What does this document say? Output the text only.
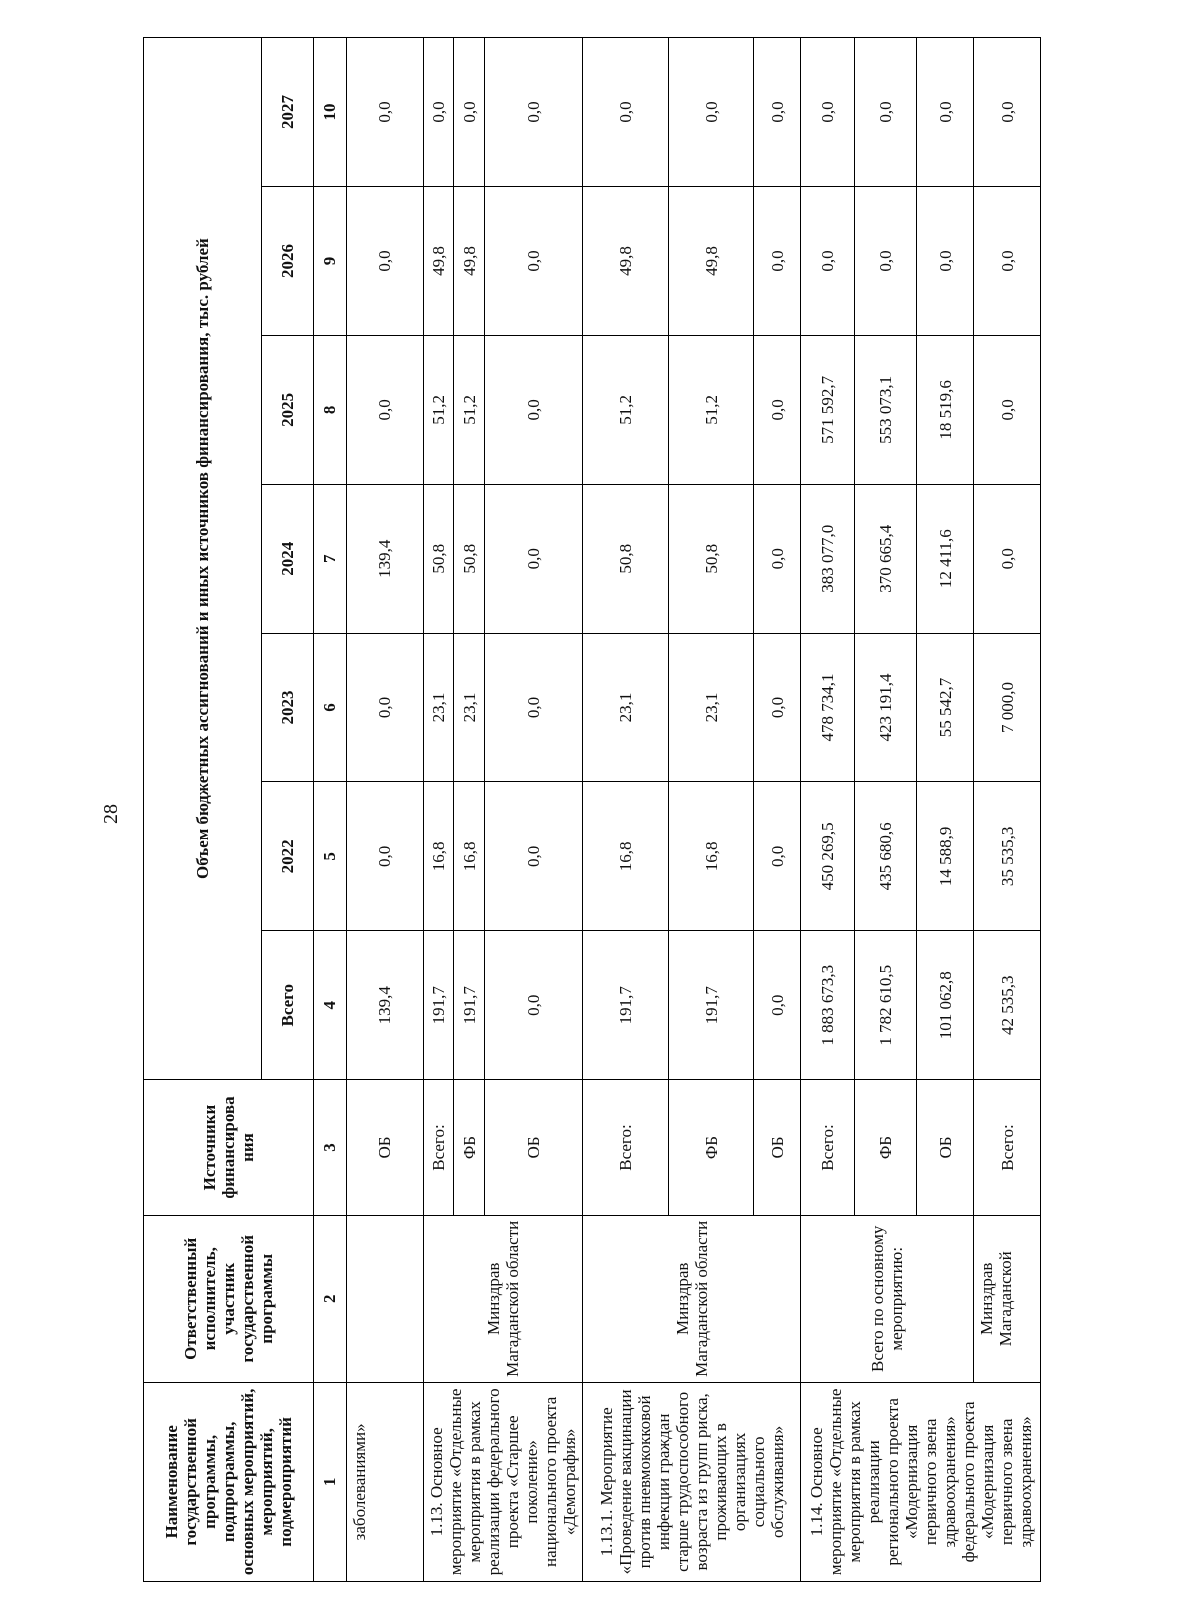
28
Наименование государственной программы, подпрограммы, основных мероприятий, мероприятий, подмероприятий	Ответственный исполнитель, участник государственной программы	Источники финансирова ния	Объем бюджетных ассигнований и иных источников финансирования, тыс. рублей						
			Всего	2022	2023	2024	2025	2026	2027
1	2	3	4	5	6	7	8	9	10
заболеваниями»		ОБ	139,4	0,0	0,0	139,4	0,0	0,0	0,0
1.13. Основное мероприятие «Отдельные мероприятия в рамках реализации федерального проекта «Старшее поколение» национального проекта «Демография»	Минздрав Магаданской области	Всего:	191,7	16,8	23,1	50,8	51,2	49,8	0,0
		ФБ	191,7	16,8	23,1	50,8	51,2	49,8	0,0
		ОБ	0,0	0,0	0,0	0,0	0,0	0,0	0,0
1.13.1. Мероприятие «Проведение вакцинации против пневмококковой инфекции граждан старше трудоспособного возраста из групп риска, проживающих в организациях социального обслуживания»	Минздрав Магаданской области	Всего:	191,7	16,8	23,1	50,8	51,2	49,8	0,0
		ФБ	191,7	16,8	23,1	50,8	51,2	49,8	0,0
		ОБ	0,0	0,0	0,0	0,0	0,0	0,0	0,0
1.14. Основное мероприятие «Отдельные мероприятия в рамках реализации регионального проекта «Модернизация первичного звена здравоохранения» федерального проекта «Модернизация первичного звена здравоохранения»	Всего по основному мероприятию:	Всего:	1 883 673,3	450 269,5	478 734,1	383 077,0	571 592,7	0,0	0,0
		ФБ	1 782 610,5	435 680,6	423 191,4	370 665,4	553 073,1	0,0	0,0
		ОБ	101 062,8	14 588,9	55 542,7	12 411,6	18 519,6	0,0	0,0
	Минздрав Магаданской	Всего:	42 535,3	35 535,3	7 000,0	0,0	0,0	0,0	0,0
